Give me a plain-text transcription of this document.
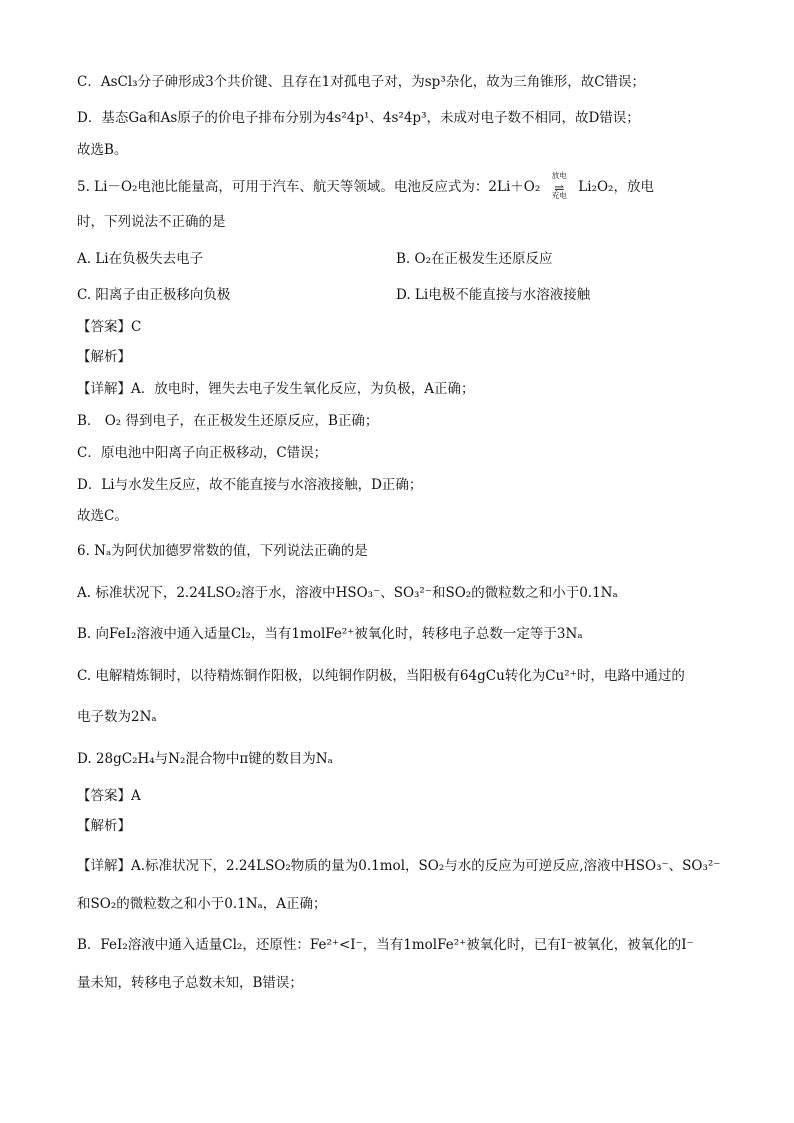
C．AsCl₃分子砷形成3个共价键、且存在1对孤电子对，为sp³杂化，故为三角锥形，故C错误；
D．基态Ga和As原子的价电子排布分别为4s²4p¹、4s²4p³，未成对电子数不相同，故D错误；
故选B。
5. Li－O₂电池比能量高，可用于汽车、航天等领域。电池反应式为：2Li＋O₂
放电
⇌
充电 Li₂O₂，放电
时，下列说法不正确的是
A. Li在负极失去电子	B. O₂在正极发生还原反应
C. 阳离子由正极移向负极	D. Li电极不能直接与水溶液接触
【答案】C
【解析】
【详解】A．放电时，锂失去电子发生氧化反应，为负极，A正确；
B． O₂ 得到电子，在正极发生还原反应，B正确；
C．原电池中阳离子向正极移动，C错误；
D．Li与水发生反应，故不能直接与水溶液接触，D正确；
故选C。
6. Nₐ为阿伏加德罗常数的值，下列说法正确的是
A. 标准状况下，2.24LSO₂溶于水，溶液中HSO₃⁻、SO₃²⁻和SO₂的微粒数之和小于0.1Nₐ
B. 向FeI₂溶液中通入适量Cl₂，当有1molFe²⁺被氧化时，转移电子总数一定等于3Nₐ
C. 电解精炼铜时，以待精炼铜作阳极，以纯铜作阴极，当阳极有64gCu转化为Cu²⁺时，电路中通过的
电子数为2Nₐ
D. 28gC₂H₄与N₂混合物中π键的数目为Nₐ
【答案】A
【解析】
【详解】A.标准状况下，2.24LSO₂物质的量为0.1mol，SO₂与水的反应为可逆反应,溶液中HSO₃⁻、SO₃²⁻
和SO₂的微粒数之和小于0.1Nₐ，A正确；
B．FeI₂溶液中通入适量Cl₂，还原性：Fe²⁺<I⁻，当有1molFe²⁺被氧化时，已有I⁻被氧化，被氧化的I⁻
量未知，转移电子总数未知，B错误；
